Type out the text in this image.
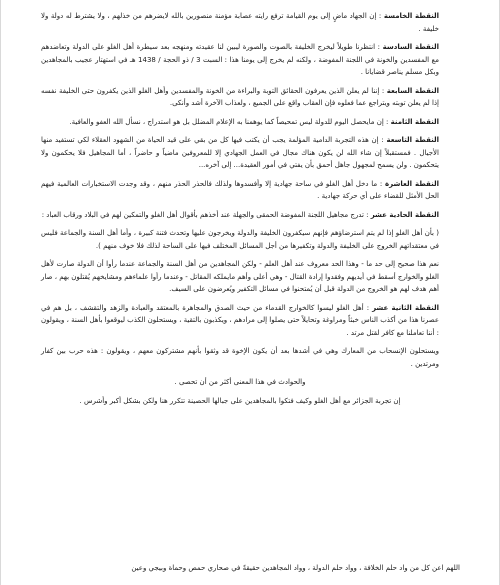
النقطة الخامسة : إن الجهاد ماضٍ إلى يوم القيامة ترفع رايته عصابة مؤمنة منصورين بالله لايضرهم من خذلهم ، ولا يشترط له دولة ولا خليفة .

النقطة السادسة : انتظرنا طويلاً ليخرج الخليفة بالصوت والصورة ليبين لنا عقيدته ومنهجه بعد سيطرة أهل الغلو على الدولة وتعاضدهم مع المفسدين والخونة في اللجنة المفوضة ، ولكنه لم يخرج إلى يومنا هذا : السبت 3 / ذو الحجة / 1438 هـ في استهتار عجيب بالمجاهدين وبكل مسلم يناصر قضايانا .

النقطة السابعة : إننا لم يعلن الذين يعرفون الحقائق التوبة والبراءة من الخونة والمفسدين وأهل الغلو الذين يكفرون حتى الخليفة نفسه إذا لم يعلن توبته ويتراجع عما فعلوه فإن العقاب واقع على الجميع ، ولعذاب الآخرة أشد وأنكى.

النقطة الثامنة : إن مايحصل اليوم للدولة ليس تمحيصاً كما يوهمنا به الإعلام المضلل بل هو استدراج ، نسأل الله العفو والعافية.

النقطة التاسعة : إن هذه التجربة الدامية المؤلمة يجب أن يكتب فيها كل من بقي على قيد الحياة من الشهود العقلاء لكي تستفيد منها الأجيال . فمستقبلاً إن شاء الله لن يكون هناك مجال في العمل الجهادي إلا للمعروفين ماضياً و حاضراً ، أما المجاهيل فلا يحكمون ولا يتحكمون . ولن يسمح لمجهول جاهل أحمق بأن يفتي في أمور العقيدة... إلى آخره...

النقطة العاشرة : ما دخل أهل الغلو في ساحة جهادية إلا وأفسدوها ولذلك فالحذر الحذر منهم ، وقد وجدت الاستخبارات العالمية فيهم الحل الأمثل للقضاء على أي حركة جهادية .

النقطة الحادية عشر : تدرج مجاهيل اللجنة المفوضة الحمقى والجهلة عند أخذهم بأقوال أهل الغلو والتمكين لهم في البلاد ورقاب العباد :

( بأن أهل الغلو إذا لم يتم استرضاؤهم فإنهم سيكفرون الخليفة والدولة ويخرجون عليها وتحدث فتنة كبيرة ، وأما أهل السنة والجماعة فليس في معتقداتهم الخروج على الخليفة والدولة وتكفيرها من أجل المسائل المختلف فيها على الساحة لذلك فلا خوف منهم ).

نعم هذا صحيح إلى حد ما - وهذا الحد معروف عند أهل العلم - ولكن المجاهدين من أهل السنة والجماعة عندما رأوا أن الدولة صارت لأهل الغلو والخوارج أسقط في أيديهم وفقدوا إرادة القتال - وهي أعلى وأهم مايملكه المقاتل - وعندما رأوا علماءهم ومشايخهم يُقتلون بهم ، صار أهم هدف لهم هو الخروج من الدولة قبل أن يُمتحنوا في مسائل التكفير ويُعرضون على السيف.

النقطة الثانية عشر : أهل الغلو ليسوا كالخوارج القدماء من حيث الصدق والمجاهرة بالمعتقد والعبادة والزهد والتقشف ، بل هم في عصرنا هذا من أكذب الناس خبثاً ومراوغة وتحايلاً حتى يصلوا إلى مرادهم ، ويكذبون بالتقية ، ويستحلون الكذب ليوقعوا بأهل السنة ، ويقولون : أننا تعاملنا مع كافر لقتل مرتد .

ويستحلون الإنسحاب من المعارك وهي في أشدها بعد أن يكون الإخوة قد وثقوا بأنهم مشتركون معهم ، ويقولون : هذه حرب بين كفار ومرتدين .

والحوادث في هذا المعنى أكثر من أن تحصى .

إن تجربة الجزائر مع أهل الغلو وكيف فتكوا بالمجاهدين على جبالها الحصينة تتكرر هنا ولكن بشكل أكبر وأشرس .

اللهم اعن كل من واد حلم الخلافة ، وواد حلم الدولة ، وواد المجاهدين حقيقةً في صحاري حمص وحماة وبيجي وعين
